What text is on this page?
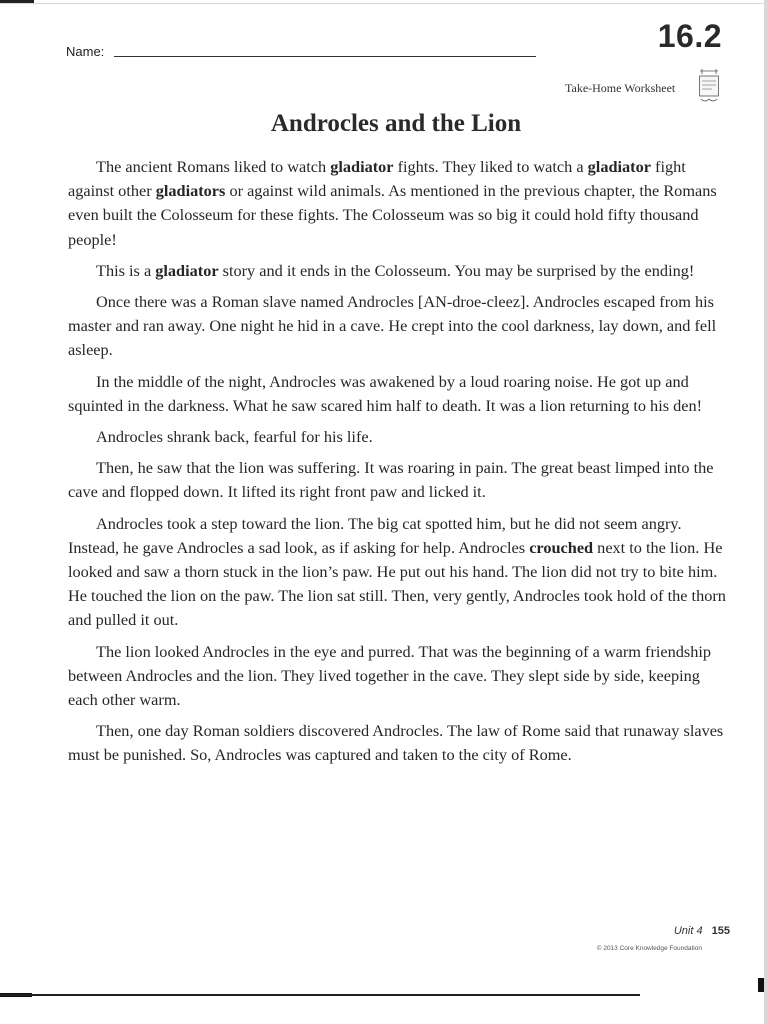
Name:	16.2
Take-Home Worksheet
Androcles and the Lion

The ancient Romans liked to watch gladiator fights. They liked to watch a gladiator fight against other gladiators or against wild animals. As mentioned in the previous chapter, the Romans even built the Colosseum for these fights. The Colosseum was so big it could hold fifty thousand people!

This is a gladiator story and it ends in the Colosseum. You may be surprised by the ending!

Once there was a Roman slave named Androcles [AN-droe-cleez]. Androcles escaped from his master and ran away. One night he hid in a cave. He crept into the cool darkness, lay down, and fell asleep.

In the middle of the night, Androcles was awakened by a loud roaring noise. He got up and squinted in the darkness. What he saw scared him half to death. It was a lion returning to his den!

Androcles shrank back, fearful for his life.

Then, he saw that the lion was suffering. It was roaring in pain. The great beast limped into the cave and flopped down. It lifted its right front paw and licked it.

Androcles took a step toward the lion. The big cat spotted him, but he did not seem angry. Instead, he gave Androcles a sad look, as if asking for help. Androcles crouched next to the lion. He looked and saw a thorn stuck in the lion’s paw. He put out his hand. The lion did not try to bite him. He touched the lion on the paw. The lion sat still. Then, very gently, Androcles took hold of the thorn and pulled it out.

The lion looked Androcles in the eye and purred. That was the beginning of a warm friendship between Androcles and the lion. They lived together in the cave. They slept side by side, keeping each other warm.

Then, one day Roman soldiers discovered Androcles. The law of Rome said that runaway slaves must be punished. So, Androcles was captured and taken to the city of Rome.

Unit 4 155
© 2013 Core Knowledge Foundation
